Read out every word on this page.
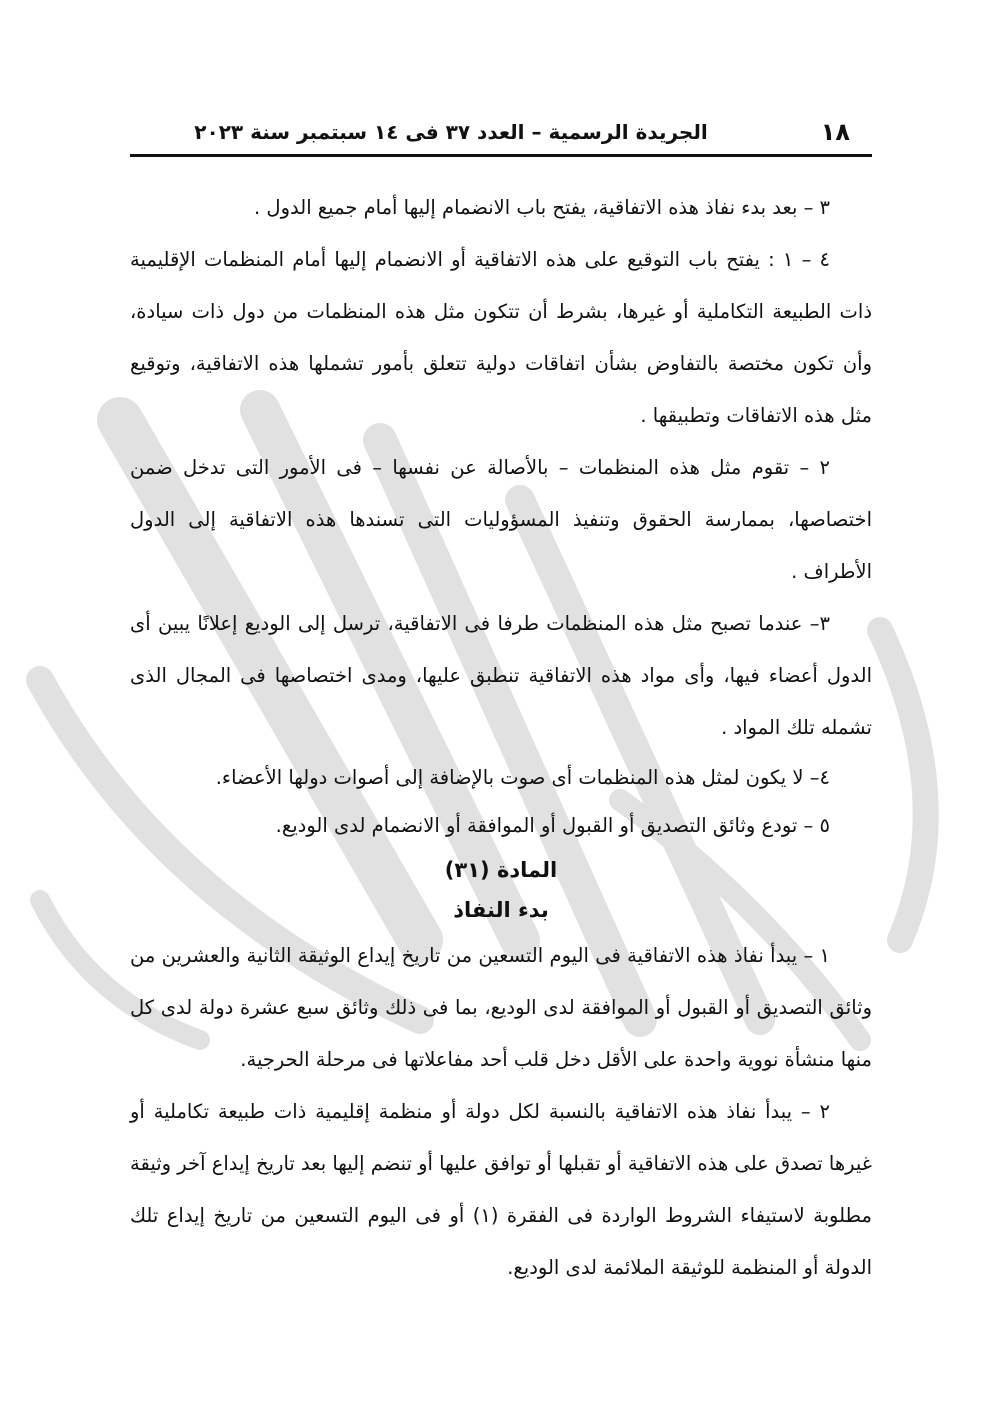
١٨
الجريدة الرسمية – العدد ٣٧ فى ١٤ سبتمبر سنة ٢٠٢٣

٣ – بعد بدء نفاذ هذه الاتفاقية، يفتح باب الانضمام إليها أمام جميع الدول .

٤ – ١ : يفتح باب التوقيع على هذه الاتفاقية أو الانضمام إليها أمام المنظمات الإقليمية ذات الطبيعة التكاملية أو غيرها، بشرط أن تتكون مثل هذه المنظمات من دول ذات سيادة، وأن تكون مختصة بالتفاوض بشأن اتفاقات دولية تتعلق بأمور تشملها هذه الاتفاقية، وتوقيع مثل هذه الاتفاقات وتطبيقها .

٢ – تقوم مثل هذه المنظمات – بالأصالة عن نفسها – فى الأمور التى تدخل ضمن اختصاصها، بممارسة الحقوق وتنفيذ المسؤوليات التى تسندها هذه الاتفاقية إلى الدول الأطراف .

٣– عندما تصبح مثل هذه المنظمات طرفا فى الاتفاقية، ترسل إلى الوديع إعلانًا يبين أى الدول أعضاء فيها، وأى مواد هذه الاتفاقية تنطبق عليها، ومدى اختصاصها فى المجال الذى تشمله تلك المواد .

٤– لا يكون لمثل هذه المنظمات أى صوت بالإضافة إلى أصوات دولها الأعضاء.

٥ – تودع وثائق التصديق أو القبول أو الموافقة أو الانضمام لدى الوديع.

المادة (٣١)

بدء النفاذ

١ – يبدأ نفاذ هذه الاتفاقية فى اليوم التسعين من تاريخ إيداع الوثيقة الثانية والعشرين من وثائق التصديق أو القبول أو الموافقة لدى الوديع، بما فى ذلك وثائق سبع عشرة دولة لدى كل منها منشأة نووية واحدة على الأقل دخل قلب أحد مفاعلاتها فى مرحلة الحرجية.

٢ – يبدأ نفاذ هذه الاتفاقية بالنسبة لكل دولة أو منظمة إقليمية ذات طبيعة تكاملية أو غيرها تصدق على هذه الاتفاقية أو تقبلها أو توافق عليها أو تنضم إليها بعد تاريخ إيداع آخر وثيقة مطلوبة لاستيفاء الشروط الواردة فى الفقرة (١) أو فى اليوم التسعين من تاريخ إيداع تلك الدولة أو المنظمة للوثيقة الملائمة لدى الوديع.
